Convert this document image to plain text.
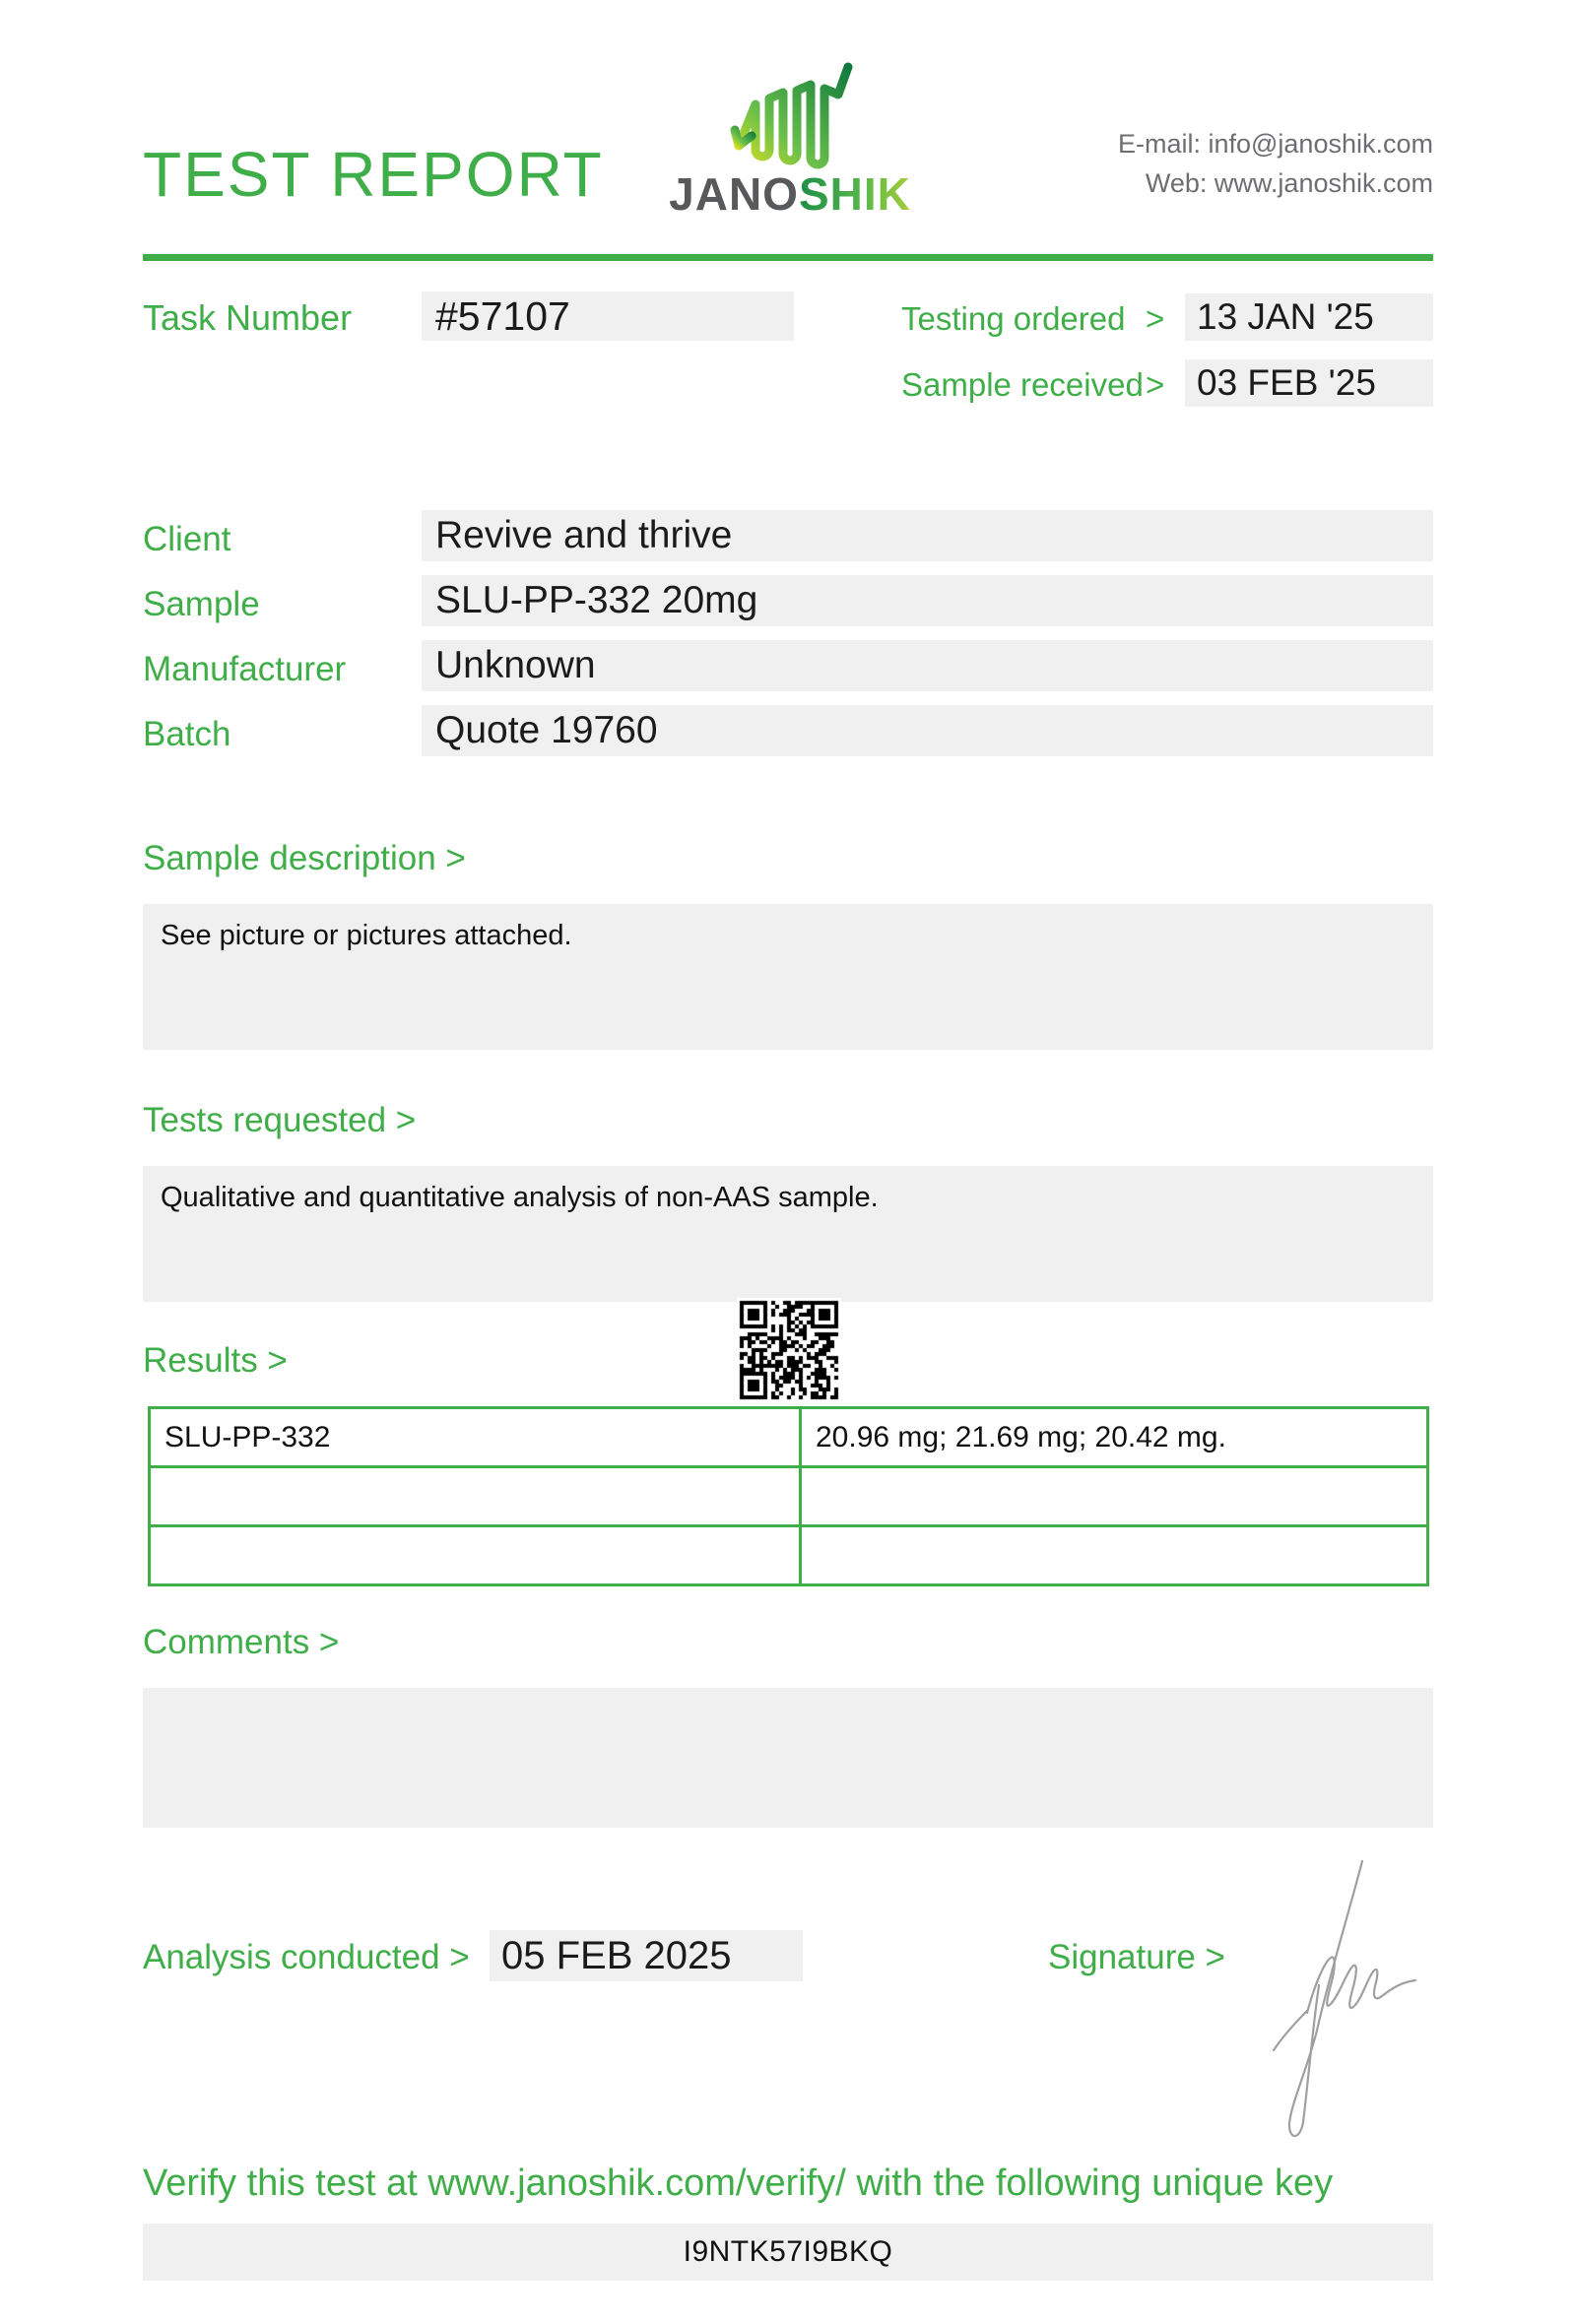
TEST REPORT JANOSHIK
E-mail: info@janoshik.com
Web: www.janoshik.com
Task Number	#57107	Testing ordered > 13 JAN '25
Sample received > 03 FEB '25
Client	Revive and thrive
Sample	SLU-PP-332 20mg
Manufacturer	Unknown
Batch	Quote 19760
Sample description >
See picture or pictures attached.
Tests requested >
Qualitative and quantitative analysis of non-AAS sample.
Results >
SLU-PP-332	20.96 mg; 21.69 mg; 20.42 mg.

Comments >
Analysis conducted > 05 FEB 2025	Signature >
Verify this test at www.janoshik.com/verify/ with the following unique key
I9NTK57I9BKQ
